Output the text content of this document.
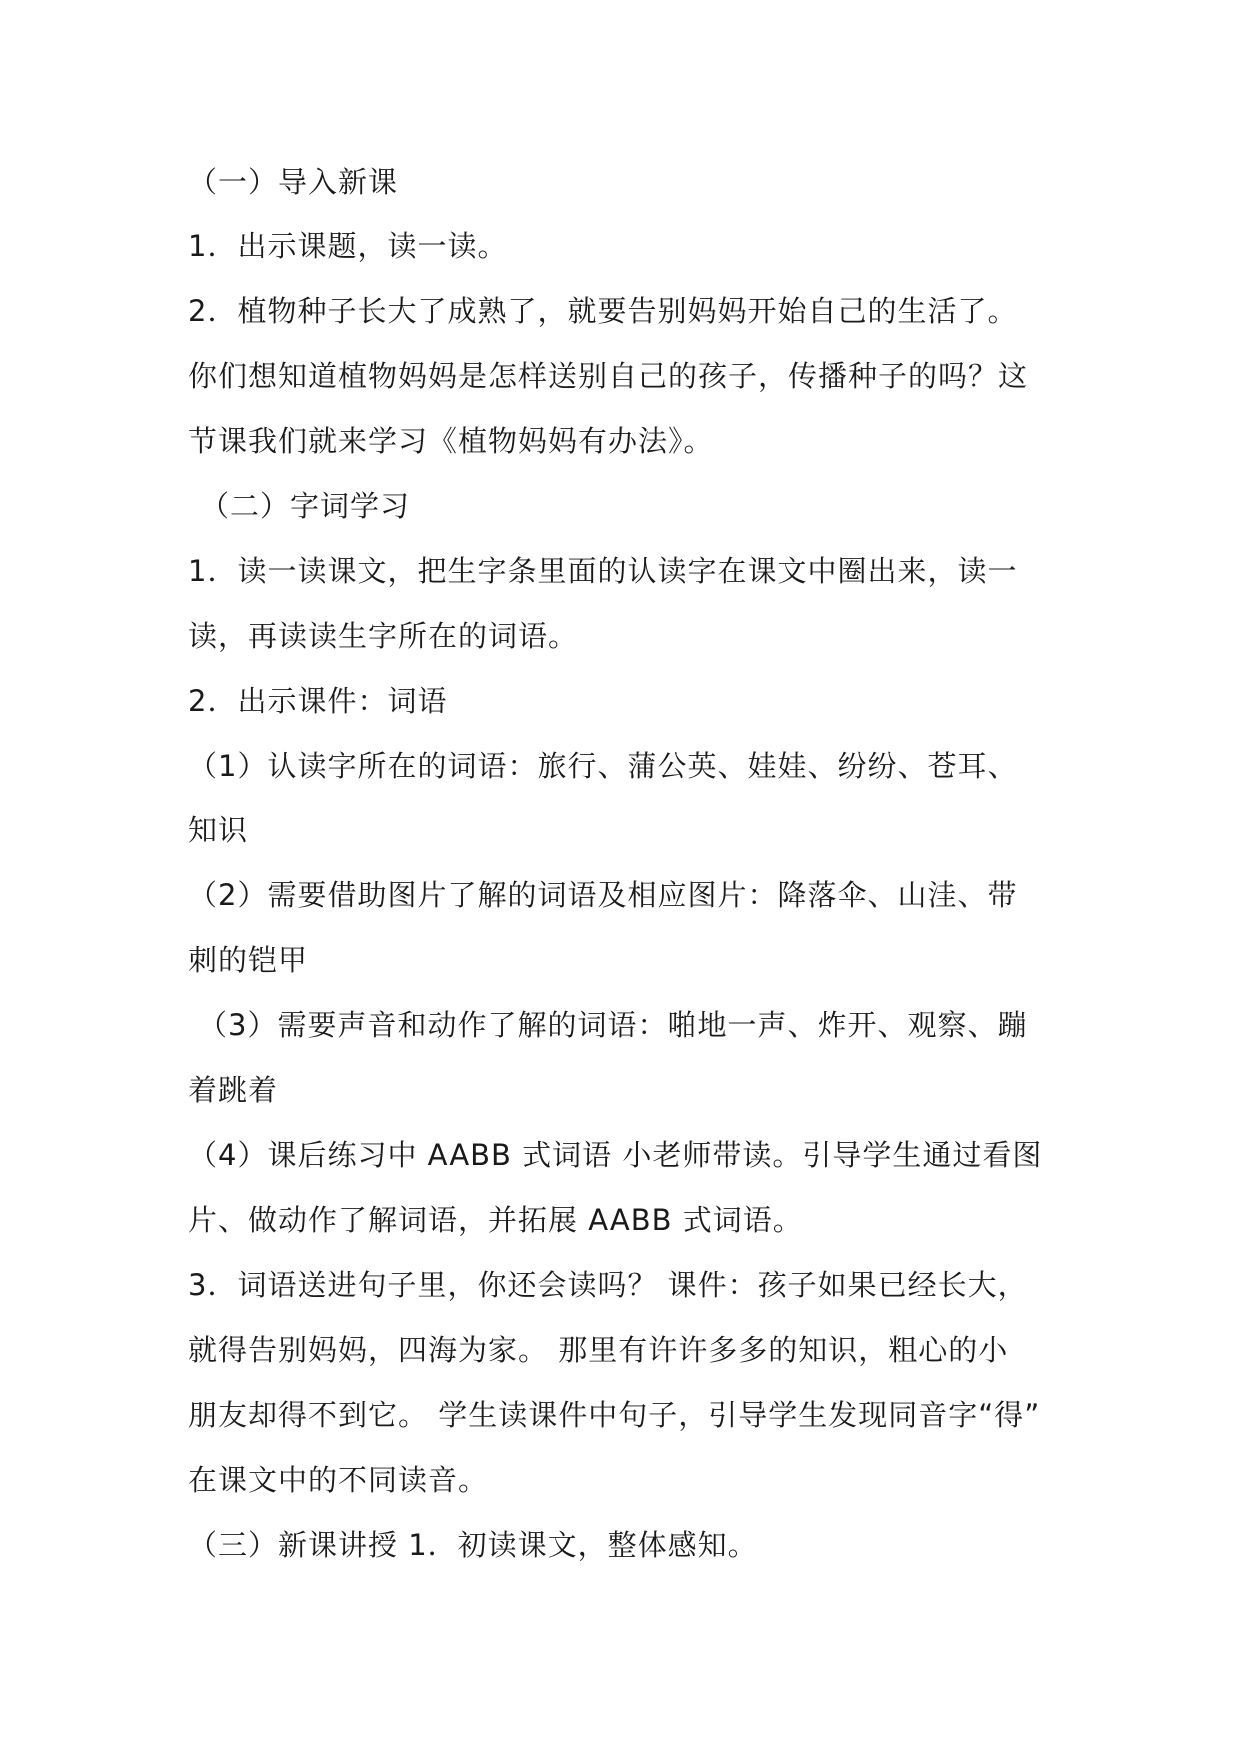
（一）导入新课
1．出示课题，读一读。
2．植物种子长大了成熟了，就要告别妈妈开始自己的生活了。
你们想知道植物妈妈是怎样送别自己的孩子，传播种子的吗？这
节课我们就来学习《植物妈妈有办法》。
（二）字词学习
1．读一读课文，把生字条里面的认读字在课文中圈出来，读一
读，再读读生字所在的词语。
2．出示课件：词语
（1）认读字所在的词语：旅行、蒲公英、娃娃、纷纷、苍耳、
知识
（2）需要借助图片了解的词语及相应图片：降落伞、山洼、带
刺的铠甲
（3）需要声音和动作了解的词语：啪地一声、炸开、观察、蹦
着跳着
（4）课后练习中 AABB 式词语 小老师带读。引导学生通过看图
片、做动作了解词语，并拓展 AABB 式词语。
3．词语送进句子里，你还会读吗？ 课件：孩子如果已经长大，
就得告别妈妈，四海为家。 那里有许许多多的知识，粗心的小
朋友却得不到它。 学生读课件中句子，引导学生发现同音字“得”
在课文中的不同读音。
（三）新课讲授 1．初读课文，整体感知。
